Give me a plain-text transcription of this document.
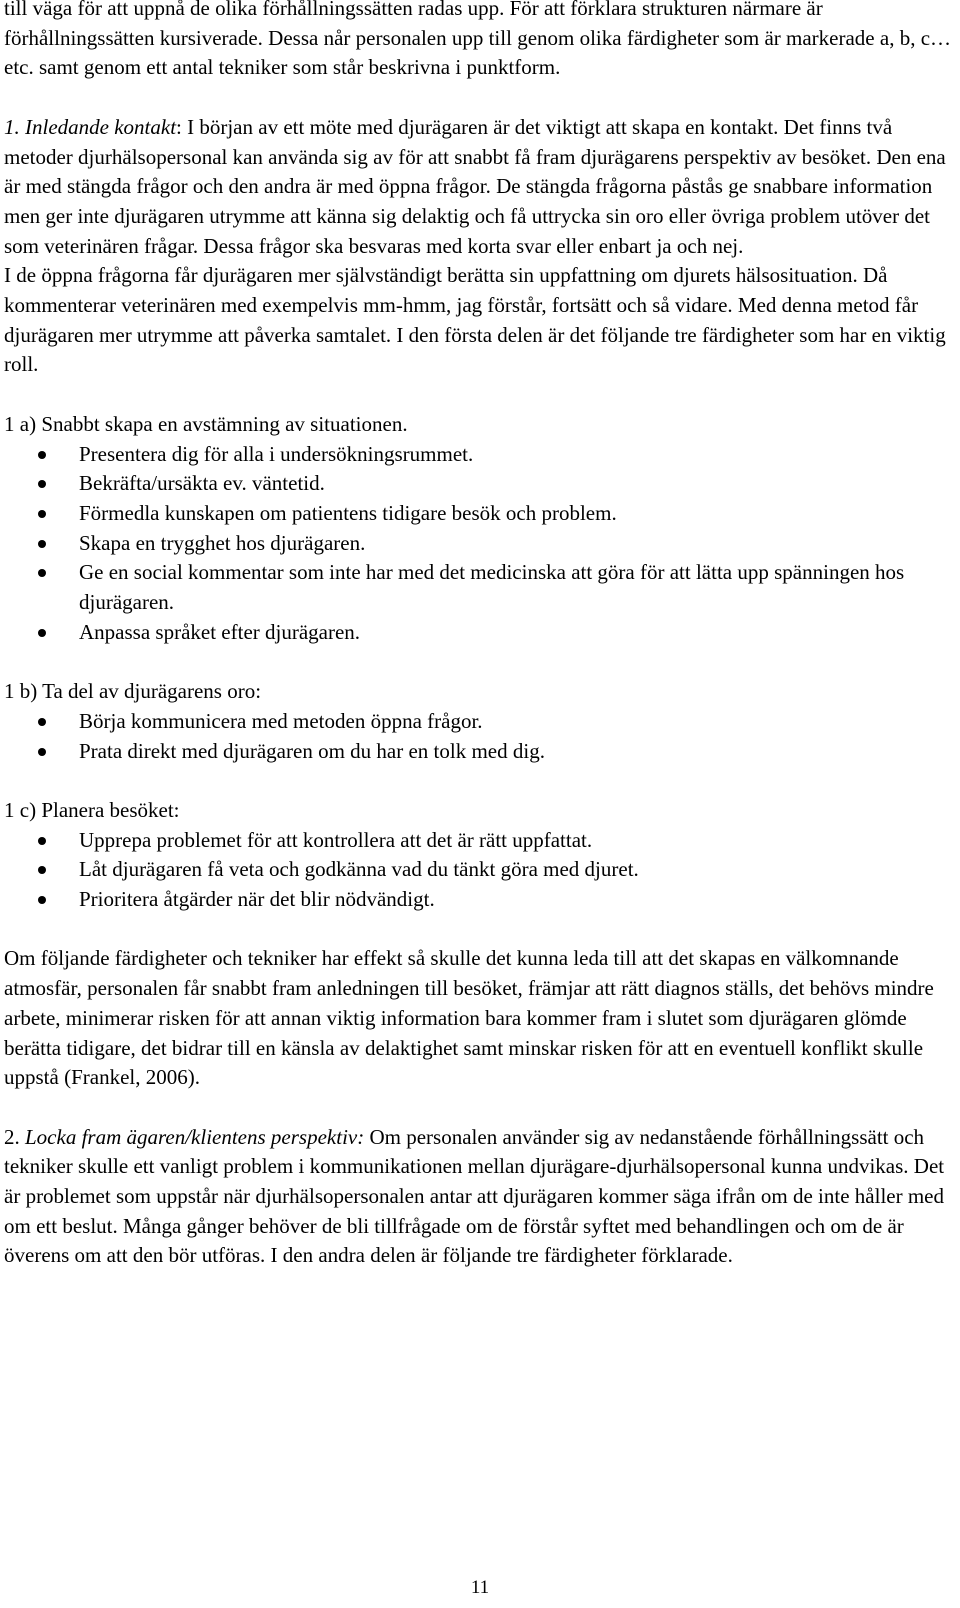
till väga för att uppnå de olika förhållningssätten radas upp. För att förklara strukturen närmare är förhållningssätten kursiverade. Dessa når personalen upp till genom olika färdigheter som är markerade a, b, c… etc. samt genom ett antal tekniker som står beskrivna i punktform.

1. Inledande kontakt: I början av ett möte med djurägaren är det viktigt att skapa en kontakt. Det finns två metoder djurhälsopersonal kan använda sig av för att snabbt få fram djurägarens perspektiv av besöket. Den ena är med stängda frågor och den andra är med öppna frågor. De stängda frågorna påstås ge snabbare information men ger inte djurägaren utrymme att känna sig delaktig och få uttrycka sin oro eller övriga problem utöver det som veterinären frågar. Dessa frågor ska besvaras med korta svar eller enbart ja och nej.

I de öppna frågorna får djurägaren mer självständigt berätta sin uppfattning om djurets hälsosituation. Då kommenterar veterinären med exempelvis mm-hmm, jag förstår, fortsätt och så vidare. Med denna metod får djurägaren mer utrymme att påverka samtalet. I den första delen är det följande tre färdigheter som har en viktig roll.

1 a) Snabbt skapa en avstämning av situationen.

Presentera dig för alla i undersökningsrummet.
Bekräfta/ursäkta ev. väntetid.
Förmedla kunskapen om patientens tidigare besök och problem.
Skapa en trygghet hos djurägaren.
Ge en social kommentar som inte har med det medicinska att göra för att lätta upp spänningen hos djurägaren.
Anpassa språket efter djurägaren.

1 b) Ta del av djurägarens oro:

Börja kommunicera med metoden öppna frågor.
Prata direkt med djurägaren om du har en tolk med dig.

1 c) Planera besöket:

Upprepa problemet för att kontrollera att det är rätt uppfattat.
Låt djurägaren få veta och godkänna vad du tänkt göra med djuret.
Prioritera åtgärder när det blir nödvändigt.

Om följande färdigheter och tekniker har effekt så skulle det kunna leda till att det skapas en välkomnande atmosfär, personalen får snabbt fram anledningen till besöket, främjar att rätt diagnos ställs, det behövs mindre arbete, minimerar risken för att annan viktig information bara kommer fram i slutet som djurägaren glömde berätta tidigare, det bidrar till en känsla av delaktighet samt minskar risken för att en eventuell konflikt skulle uppstå (Frankel, 2006).

2. Locka fram ägaren/klientens perspektiv: Om personalen använder sig av nedanstående förhållningssätt och tekniker skulle ett vanligt problem i kommunikationen mellan djurägare-djurhälsopersonal kunna undvikas. Det är problemet som uppstår när djurhälsopersonalen antar att djurägaren kommer säga ifrån om de inte håller med om ett beslut. Många gånger behöver de bli tillfrågade om de förstår syftet med behandlingen och om de är överens om att den bör utföras. I den andra delen är följande tre färdigheter förklarade.

11
